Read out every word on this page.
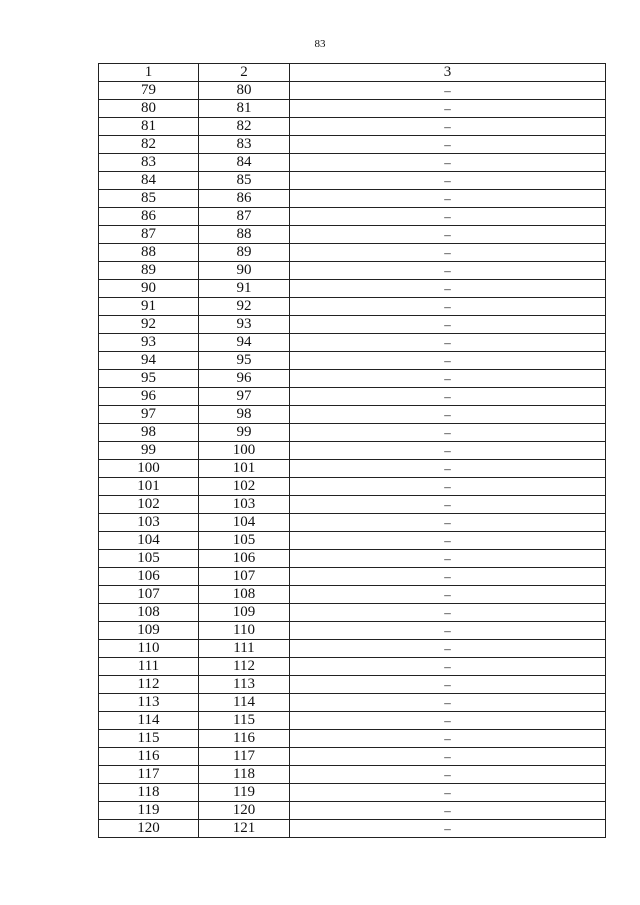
83
1	2	3
79	80	–
80	81	–
81	82	–
82	83	–
83	84	–
84	85	–
85	86	–
86	87	–
87	88	–
88	89	–
89	90	–
90	91	–
91	92	–
92	93	–
93	94	–
94	95	–
95	96	–
96	97	–
97	98	–
98	99	–
99	100	–
100	101	–
101	102	–
102	103	–
103	104	–
104	105	–
105	106	–
106	107	–
107	108	–
108	109	–
109	110	–
110	111	–
111	112	–
112	113	–
113	114	–
114	115	–
115	116	–
116	117	–
117	118	–
118	119	–
119	120	–
120	121	–
